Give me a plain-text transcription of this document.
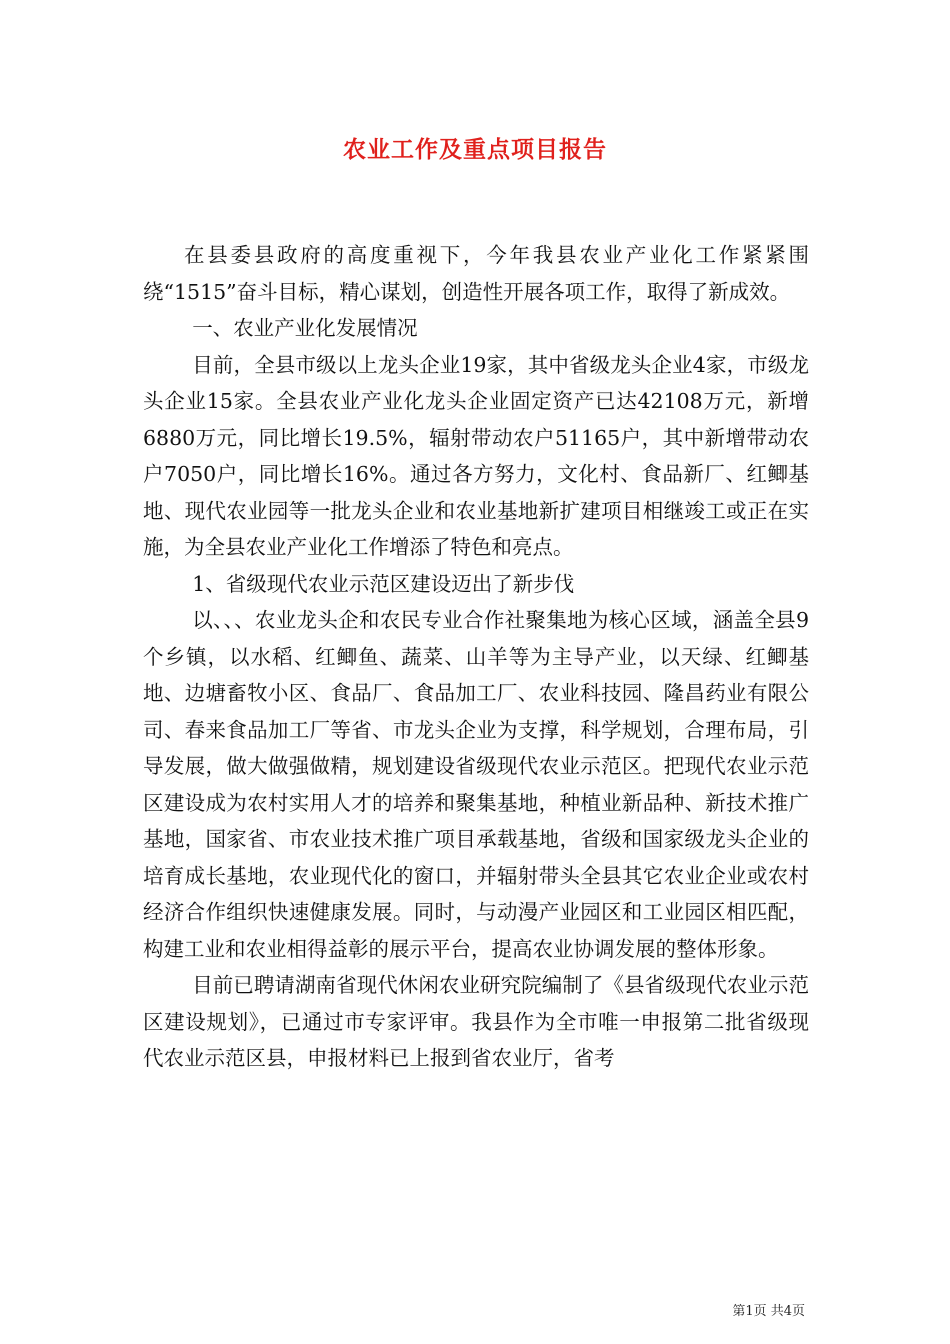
农业工作及重点项目报告

在县委县政府的高度重视下，今年我县农业产业化工作紧紧围绕“1515”奋斗目标，精心谋划，创造性开展各项工作，取得了新成效。

一、农业产业化发展情况

目前，全县市级以上龙头企业19家，其中省级龙头企业4家，市级龙头企业15家。全县农业产业化龙头企业固定资产已达42108万元，新增6880万元，同比增长19.5%，辐射带动农户51165户，其中新增带动农户7050户，同比增长16%。通过各方努力，文化村、食品新厂、红鲫基地、现代农业园等一批龙头企业和农业基地新扩建项目相继竣工或正在实施，为全县农业产业化工作增添了特色和亮点。

1、省级现代农业示范区建设迈出了新步伐

以、、、农业龙头企和农民专业合作社聚集地为核心区域，涵盖全县9个乡镇，以水稻、红鲫鱼、蔬菜、山羊等为主导产业，以天绿、红鲫基地、边塘畜牧小区、食品厂、食品加工厂、农业科技园、隆昌药业有限公司、春来食品加工厂等省、市龙头企业为支撑，科学规划，合理布局，引导发展，做大做强做精，规划建设省级现代农业示范区。把现代农业示范区建设成为农村实用人才的培养和聚集基地，种植业新品种、新技术推广基地，国家省、市农业技术推广项目承载基地，省级和国家级龙头企业的培育成长基地，农业现代化的窗口，并辐射带头全县其它农业企业或农村经济合作组织快速健康发展。同时，与动漫产业园区和工业园区相匹配，构建工业和农业相得益彰的展示平台，提高农业协调发展的整体形象。

目前已聘请湖南省现代休闲农业研究院编制了《县省级现代农业示范区建设规划》，已通过市专家评审。我县作为全市唯一申报第二批省级现代农业示范区县，申报材料已上报到省农业厅，省考

第1页 共4页
